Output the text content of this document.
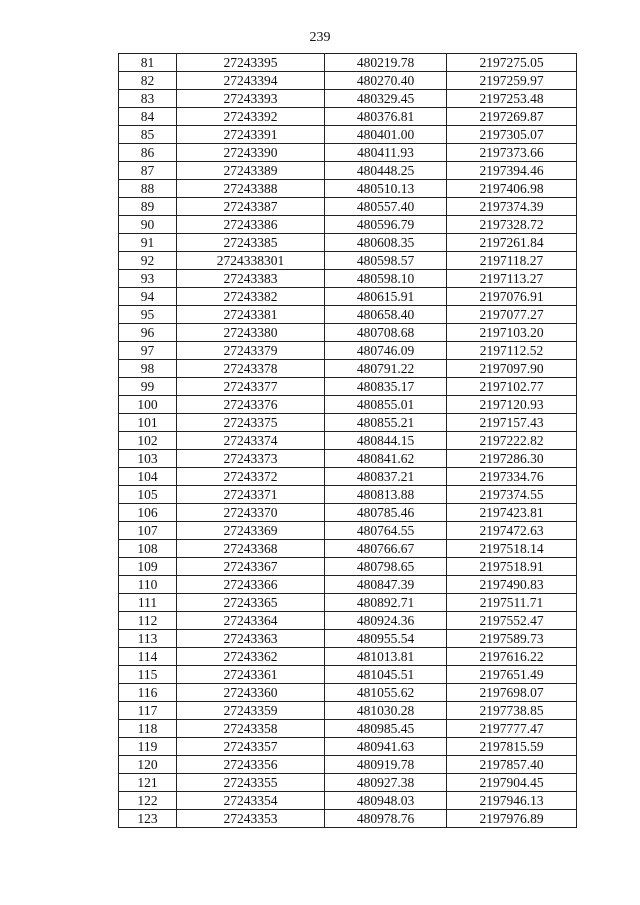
239
81	27243395	480219.78	2197275.05
82	27243394	480270.40	2197259.97
83	27243393	480329.45	2197253.48
84	27243392	480376.81	2197269.87
85	27243391	480401.00	2197305.07
86	27243390	480411.93	2197373.66
87	27243389	480448.25	2197394.46
88	27243388	480510.13	2197406.98
89	27243387	480557.40	2197374.39
90	27243386	480596.79	2197328.72
91	27243385	480608.35	2197261.84
92	2724338301	480598.57	2197118.27
93	27243383	480598.10	2197113.27
94	27243382	480615.91	2197076.91
95	27243381	480658.40	2197077.27
96	27243380	480708.68	2197103.20
97	27243379	480746.09	2197112.52
98	27243378	480791.22	2197097.90
99	27243377	480835.17	2197102.77
100	27243376	480855.01	2197120.93
101	27243375	480855.21	2197157.43
102	27243374	480844.15	2197222.82
103	27243373	480841.62	2197286.30
104	27243372	480837.21	2197334.76
105	27243371	480813.88	2197374.55
106	27243370	480785.46	2197423.81
107	27243369	480764.55	2197472.63
108	27243368	480766.67	2197518.14
109	27243367	480798.65	2197518.91
110	27243366	480847.39	2197490.83
111	27243365	480892.71	2197511.71
112	27243364	480924.36	2197552.47
113	27243363	480955.54	2197589.73
114	27243362	481013.81	2197616.22
115	27243361	481045.51	2197651.49
116	27243360	481055.62	2197698.07
117	27243359	481030.28	2197738.85
118	27243358	480985.45	2197777.47
119	27243357	480941.63	2197815.59
120	27243356	480919.78	2197857.40
121	27243355	480927.38	2197904.45
122	27243354	480948.03	2197946.13
123	27243353	480978.76	2197976.89
